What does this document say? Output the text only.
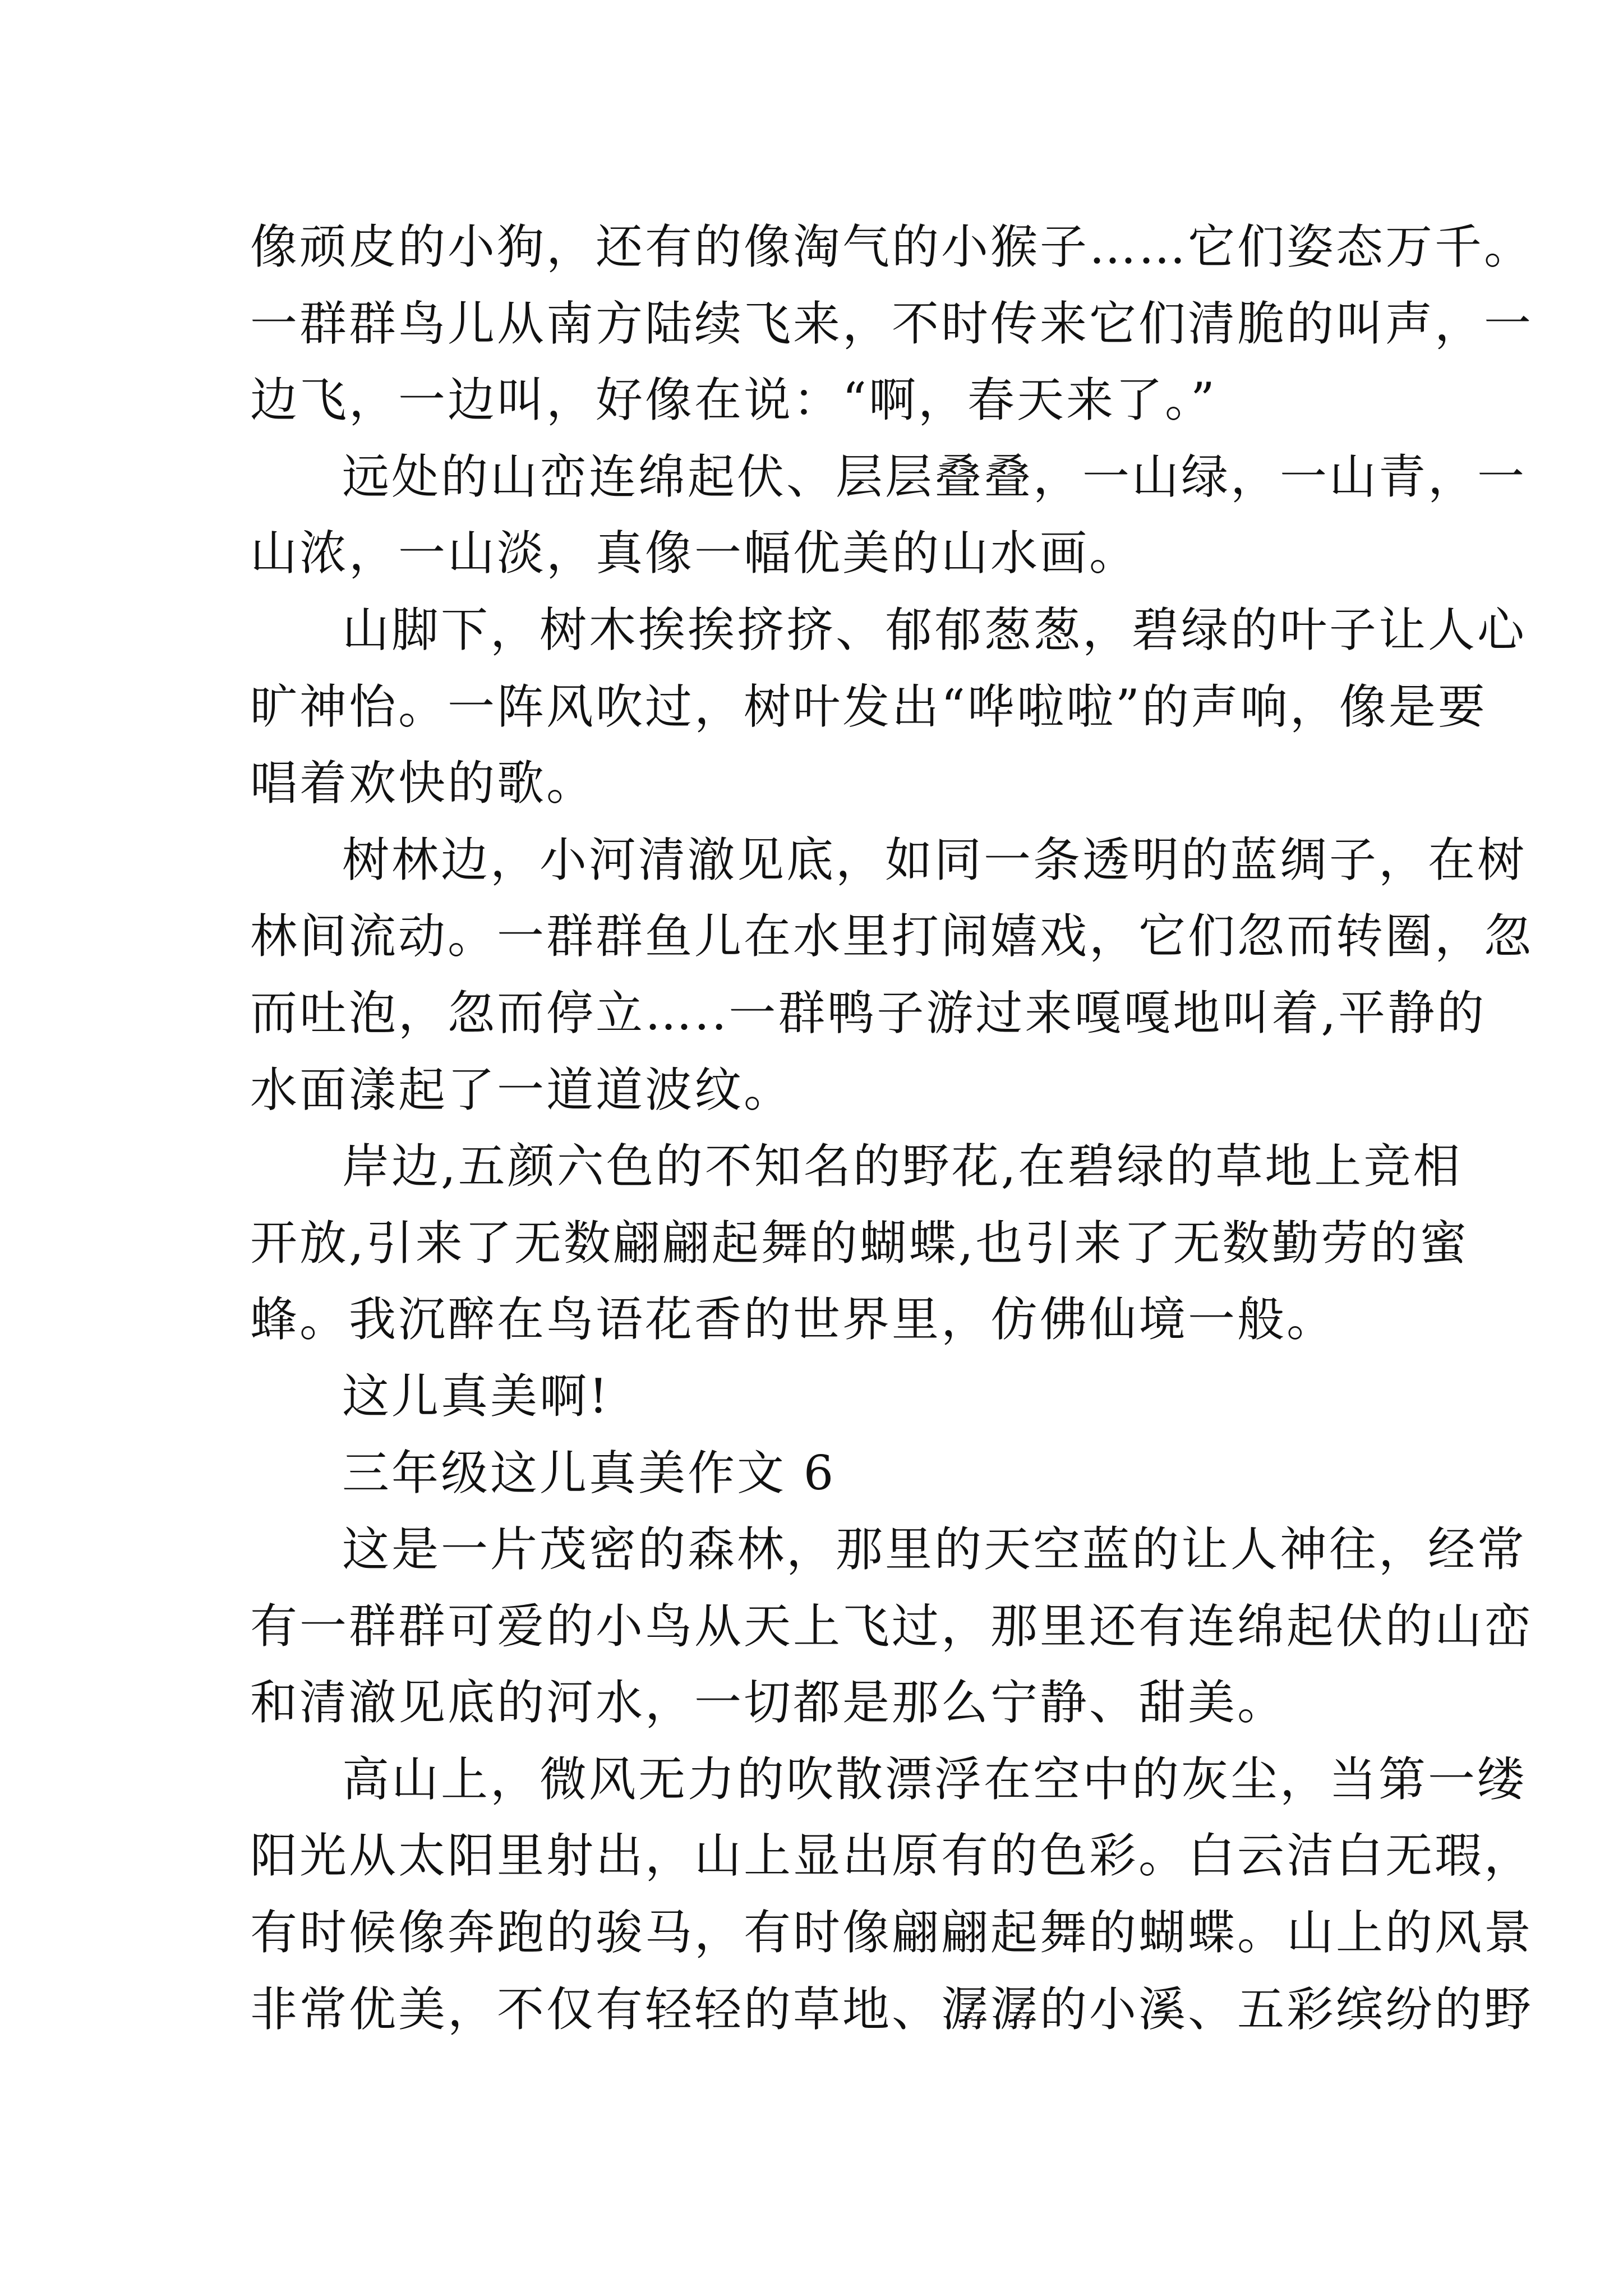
像顽皮的小狗，还有的像淘气的小猴子……它们姿态万千。
一群群鸟儿从南方陆续飞来，不时传来它们清脆的叫声，一
边飞，一边叫，好像在说：“啊，春天来了。”
远处的山峦连绵起伏、层层叠叠，一山绿，一山青，一
山浓，一山淡，真像一幅优美的山水画。
山脚下，树木挨挨挤挤、郁郁葱葱，碧绿的叶子让人心
旷神怡。一阵风吹过，树叶发出“哗啦啦”的声响，像是要
唱着欢快的歌。
树林边，小河清澈见底，如同一条透明的蓝绸子，在树
林间流动。一群群鱼儿在水里打闹嬉戏，它们忽而转圈，忽
而吐泡，忽而停立…..一群鸭子游过来嘎嘎地叫着,平静的
水面漾起了一道道波纹。
岸边,五颜六色的不知名的野花,在碧绿的草地上竞相
开放,引来了无数翩翩起舞的蝴蝶,也引来了无数勤劳的蜜
蜂。我沉醉在鸟语花香的世界里，仿佛仙境一般。
这儿真美啊!
三年级这儿真美作文 6
这是一片茂密的森林，那里的天空蓝的让人神往，经常
有一群群可爱的小鸟从天上飞过，那里还有连绵起伏的山峦
和清澈见底的河水，一切都是那么宁静、甜美。
高山上，微风无力的吹散漂浮在空中的灰尘，当第一缕
阳光从太阳里射出，山上显出原有的色彩。白云洁白无瑕，
有时候像奔跑的骏马，有时像翩翩起舞的蝴蝶。山上的风景
非常优美，不仅有轻轻的草地、潺潺的小溪、五彩缤纷的野
